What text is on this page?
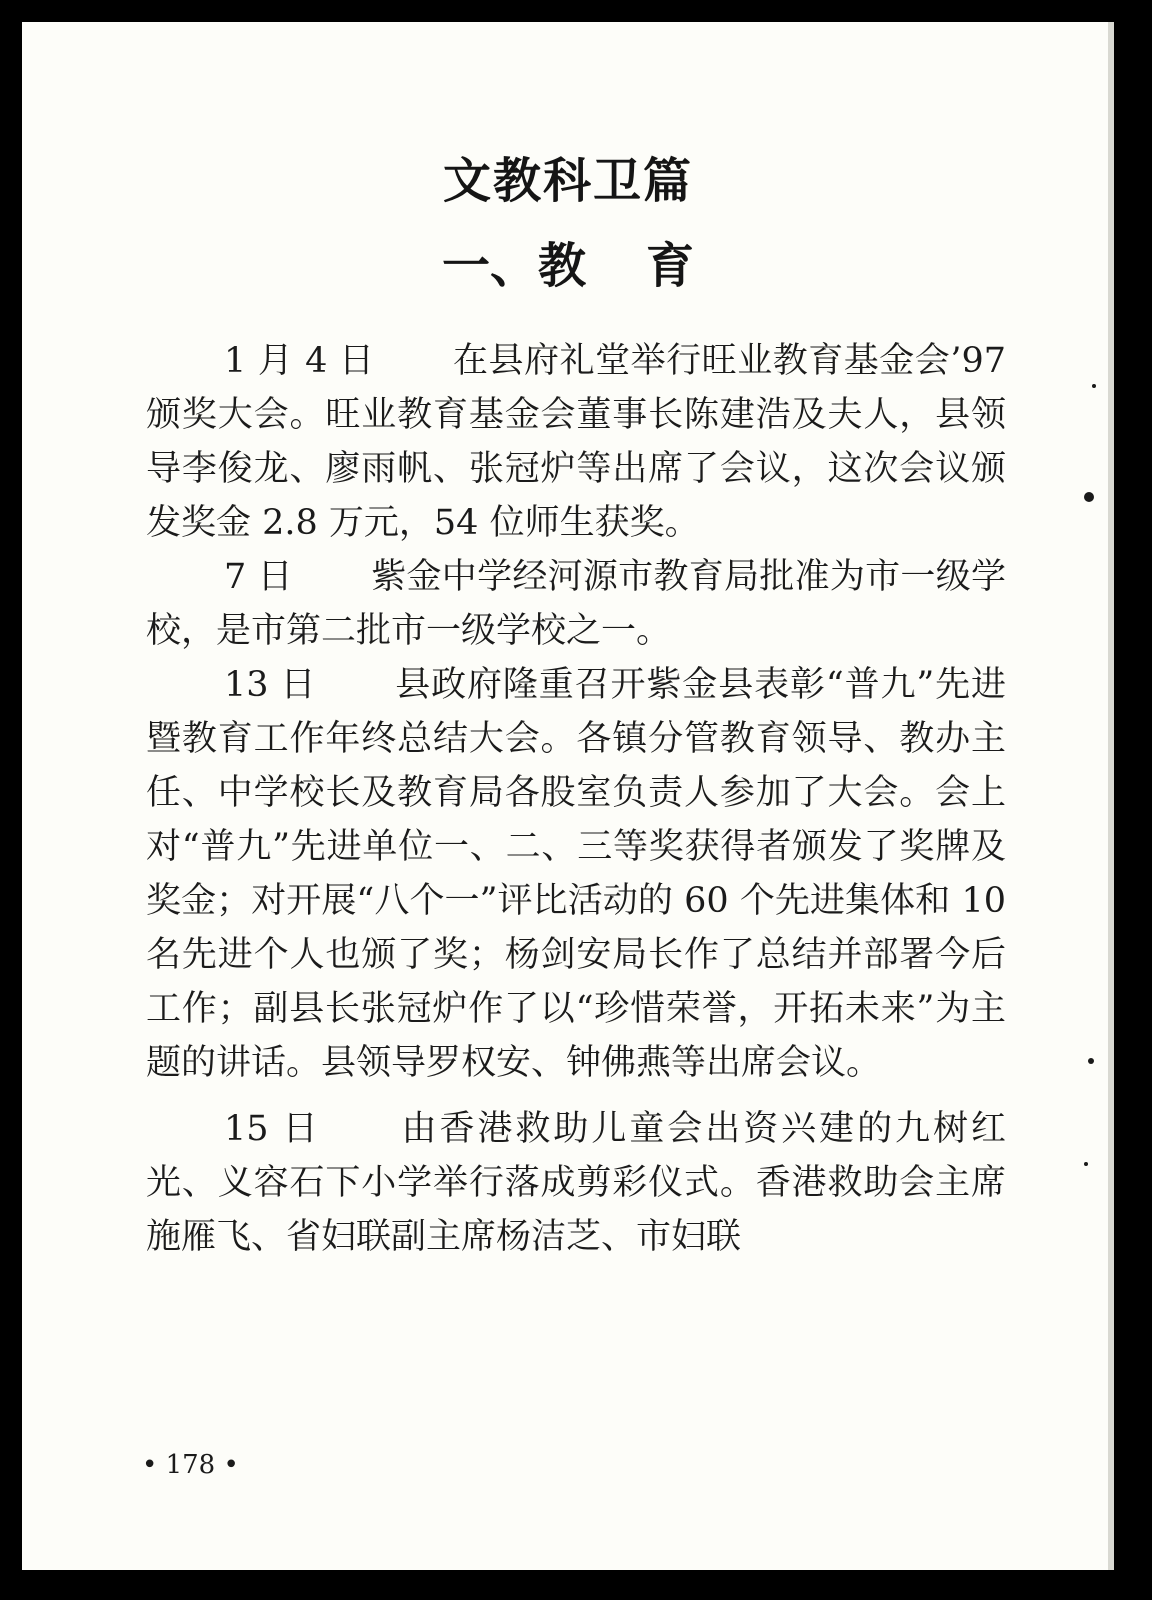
文教科卫篇
一、教 育

1 月 4 日 在县府礼堂举行旺业教育基金会’97 颁奖大会。旺业教育基金会董事长陈建浩及夫人，县领导李俊龙、廖雨帆、张冠炉等出席了会议，这次会议颁发奖金 2.8 万元，54 位师生获奖。

7 日 紫金中学经河源市教育局批准为市一级学校，是市第二批市一级学校之一。

13 日 县政府隆重召开紫金县表彰“普九”先进暨教育工作年终总结大会。各镇分管教育领导、教办主任、中学校长及教育局各股室负责人参加了大会。会上对“普九”先进单位一、二、三等奖获得者颁发了奖牌及奖金；对开展“八个一”评比活动的 60 个先进集体和 10 名先进个人也颁了奖；杨剑安局长作了总结并部署今后工作；副县长张冠炉作了以“珍惜荣誉，开拓未来”为主题的讲话。县领导罗权安、钟佛燕等出席会议。

15 日 由香港救助儿童会出资兴建的九树红光、义容石下小学举行落成剪彩仪式。香港救助会主席施雁飞、省妇联副主席杨洁芝、市妇联

• 178 •
